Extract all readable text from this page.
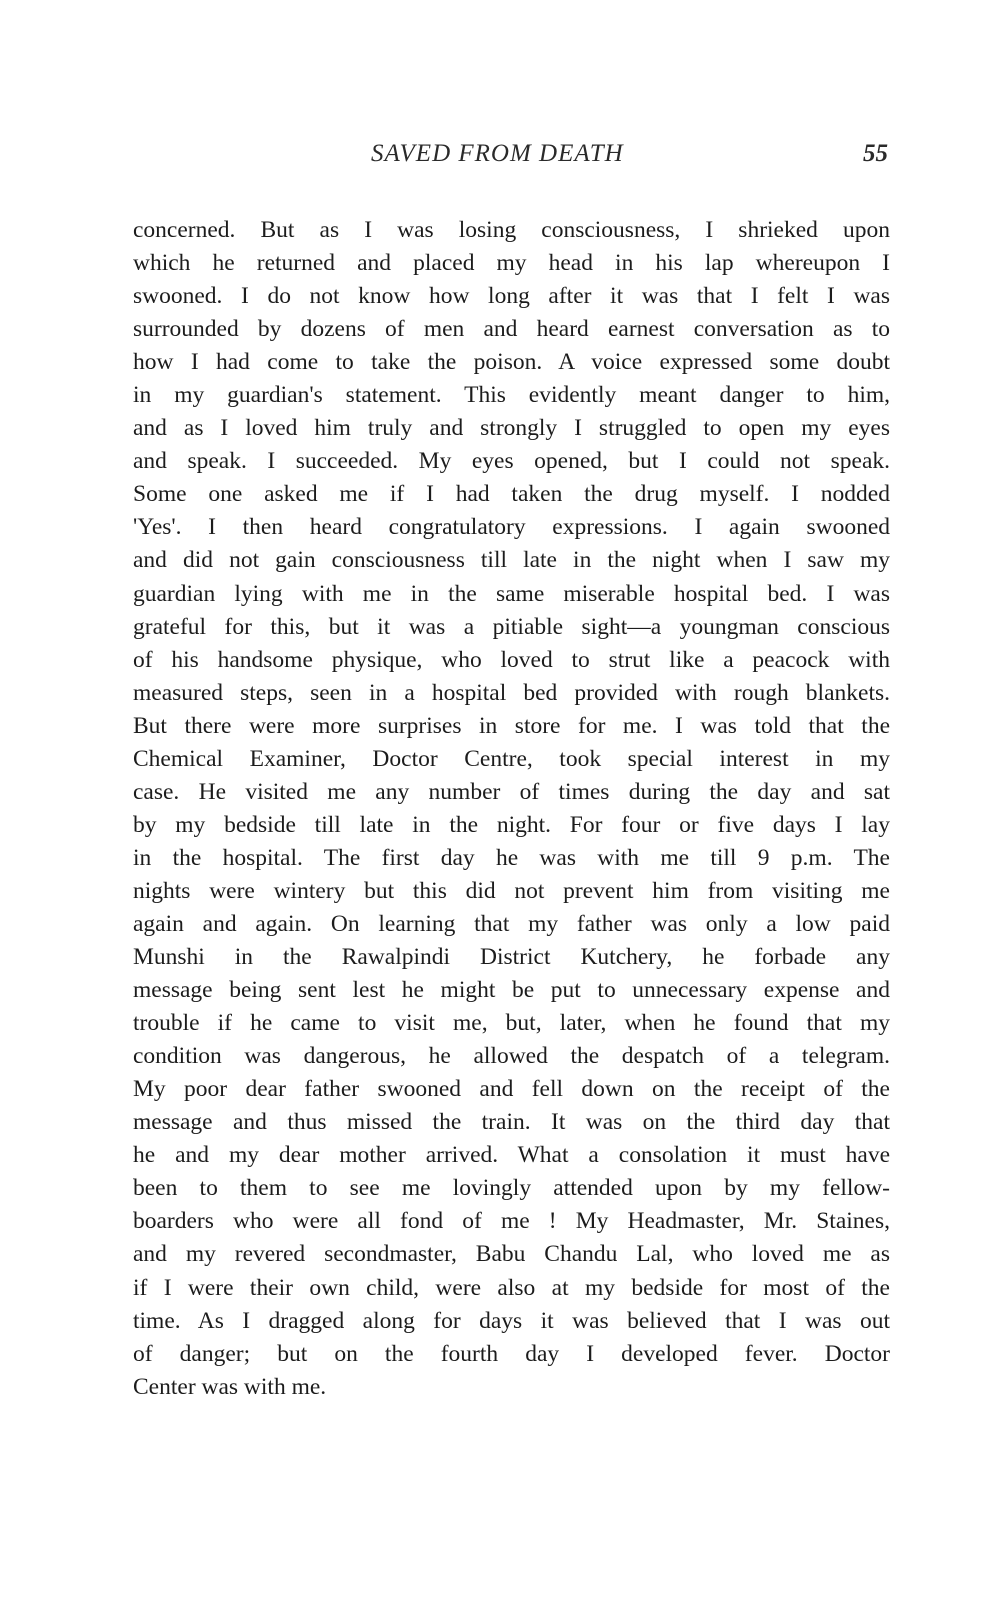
SAVED FROM DEATH	55
concerned. But as I was losing consciousness, I shrieked upon
which he returned and placed my head in his lap whereupon I
swooned. I do not know how long after it was that I felt I was
surrounded by dozens of men and heard earnest conversation as to
how I had come to take the poison. A voice expressed some doubt
in my guardian's statement. This evidently meant danger to him,
and as I loved him truly and strongly I struggled to open my eyes
and speak. I succeeded. My eyes opened, but I could not speak.
Some one asked me if I had taken the drug myself. I nodded
'Yes'. I then heard congratulatory expressions. I again swooned
and did not gain consciousness till late in the night when I saw my
guardian lying with me in the same miserable hospital bed. I was
grateful for this, but it was a pitiable sight—a youngman conscious
of his handsome physique, who loved to strut like a peacock with
measured steps, seen in a hospital bed provided with rough blankets.
But there were more surprises in store for me. I was told that the
Chemical Examiner, Doctor Centre, took special interest in my
case. He visited me any number of times during the day and sat
by my bedside till late in the night. For four or five days I lay
in the hospital. The first day he was with me till 9 p.m. The
nights were wintery but this did not prevent him from visiting me
again and again. On learning that my father was only a low paid
Munshi in the Rawalpindi District Kutchery, he forbade any
message being sent lest he might be put to unnecessary expense and
trouble if he came to visit me, but, later, when he found that my
condition was dangerous, he allowed the despatch of a telegram.
My poor dear father swooned and fell down on the receipt of the
message and thus missed the train. It was on the third day that
he and my dear mother arrived. What a consolation it must have
been to them to see me lovingly attended upon by my fellow-
boarders who were all fond of me ! My Headmaster, Mr. Staines,
and my revered secondmaster, Babu Chandu Lal, who loved me as
if I were their own child, were also at my bedside for most of the
time. As I dragged along for days it was believed that I was out
of danger; but on the fourth day I developed fever. Doctor
Center was with me.
